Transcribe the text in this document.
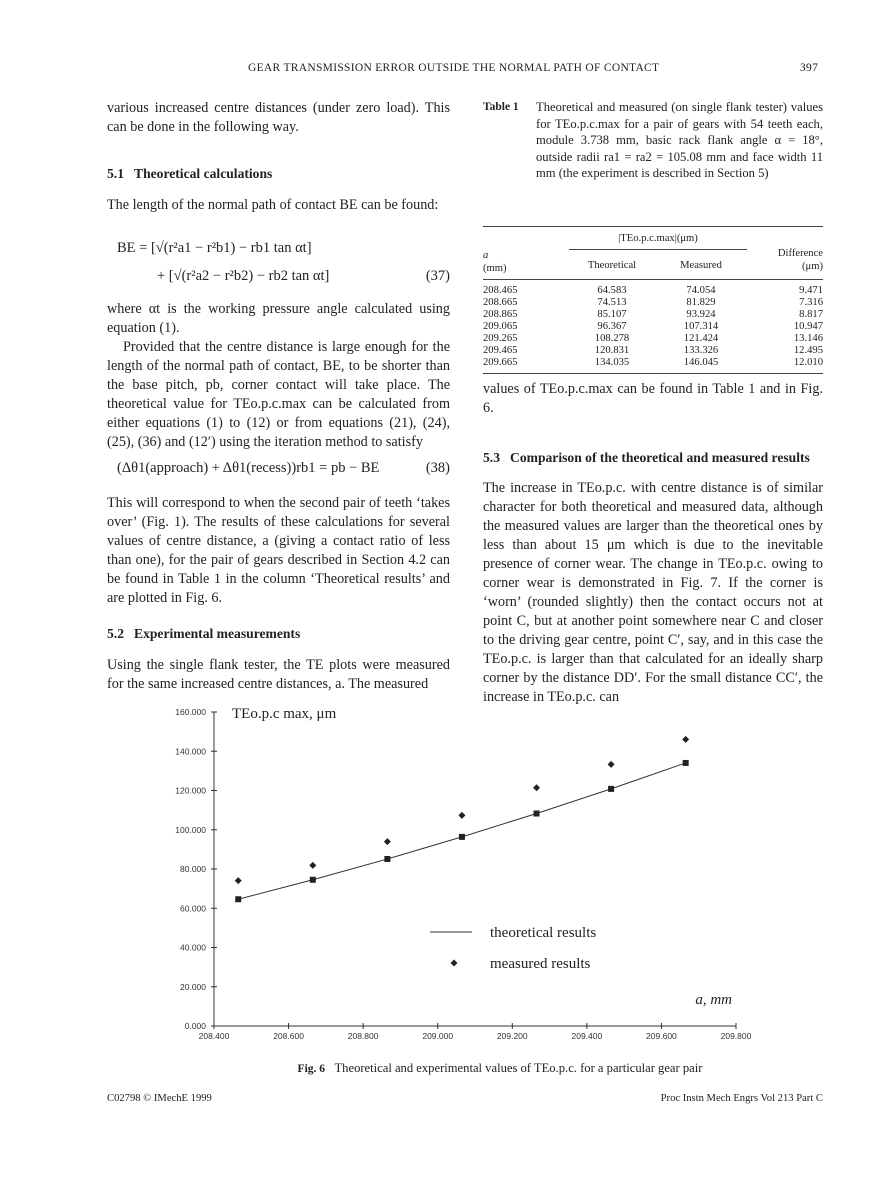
GEAR TRANSMISSION ERROR OUTSIDE THE NORMAL PATH OF CONTACT	397

various increased centre distances (under zero load). This can be done in the following way.

5.1 Theoretical calculations

The length of the normal path of contact BE can be found:

BE = [√(r²a1 − r²b1) − rb1 tan αt]
+ [√(r²a2 − r²b2) − rb2 tan αt]	(37)

where αt is the working pressure angle calculated using equation (1).

Provided that the centre distance is large enough for the length of the normal path of contact, BE, to be shorter than the base pitch, pb, corner contact will take place. The theoretical value for TEo.p.c.max can be calculated from either equations (1) to (12) or from equations (21), (24), (25), (36) and (12′) using the iteration method to satisfy

(Δθ1(approach) + Δθ1(recess))rb1 = pb − BE	(38)

This will correspond to when the second pair of teeth ‘takes over’ (Fig. 1). The results of these calculations for several values of centre distance, a (giving a contact ratio of less than one), for the pair of gears described in Section 4.2 can be found in Table 1 in the column ‘Theoretical results’ and are plotted in Fig. 6.

5.2 Experimental measurements

Using the single flank tester, the TE plots were measured for the same increased centre distances, a. The measured

Table 1 Theoretical and measured (on single flank tester) values for TEo.p.c.max for a pair of gears with 54 teeth each, module 3.738 mm, basic rack flank angle α = 18°, outside radii ra1 = ra2 = 105.08 mm and face width 11 mm (the experiment is described in Section 5)
a
(mm)
|TEo.p.c.max|(μm)
Theoretical	Measured
Difference
(μm)
208.465	64.583	74.054	9.471
208.665	74.513	81.829	7.316
208.865	85.107	93.924	8.817
209.065	96.367	107.314	10.947
209.265	108.278	121.424	13.146
209.465	120.831	133.326	12.495
209.665	134.035	146.045	12.010

values of TEo.p.c.max can be found in Table 1 and in Fig. 6.

5.3 Comparison of the theoretical and measured results

The increase in TEo.p.c. with centre distance is of similar character for both theoretical and measured data, although the measured values are larger than the theoretical ones by less than about 15 μm which is due to the inevitable presence of corner wear. The change in TEo.p.c. owing to corner wear is demonstrated in Fig. 7. If the corner is ‘worn’ (rounded slightly) then the contact occurs not at point C, but at another point somewhere near C and closer to the driving gear centre, point C′, say, and in this case the TEo.p.c. is larger than that calculated for an ideally sharp corner by the distance DD′. For the small distance CC′, the increase in TEo.p.c. can

0.000
20.000
40.000
60.000
80.000
100.000
120.000
140.000
160.000
208.400	208.600	208.800	209.000	209.200	209.400	209.600	209.800
TEo.p.c max, μm
a, mm
theoretical results
measured results
Fig. 6 Theoretical and experimental values of TEo.p.c. for a particular gear pair
C02798 © IMechE 1999	Proc Instn Mech Engrs Vol 213 Part C
